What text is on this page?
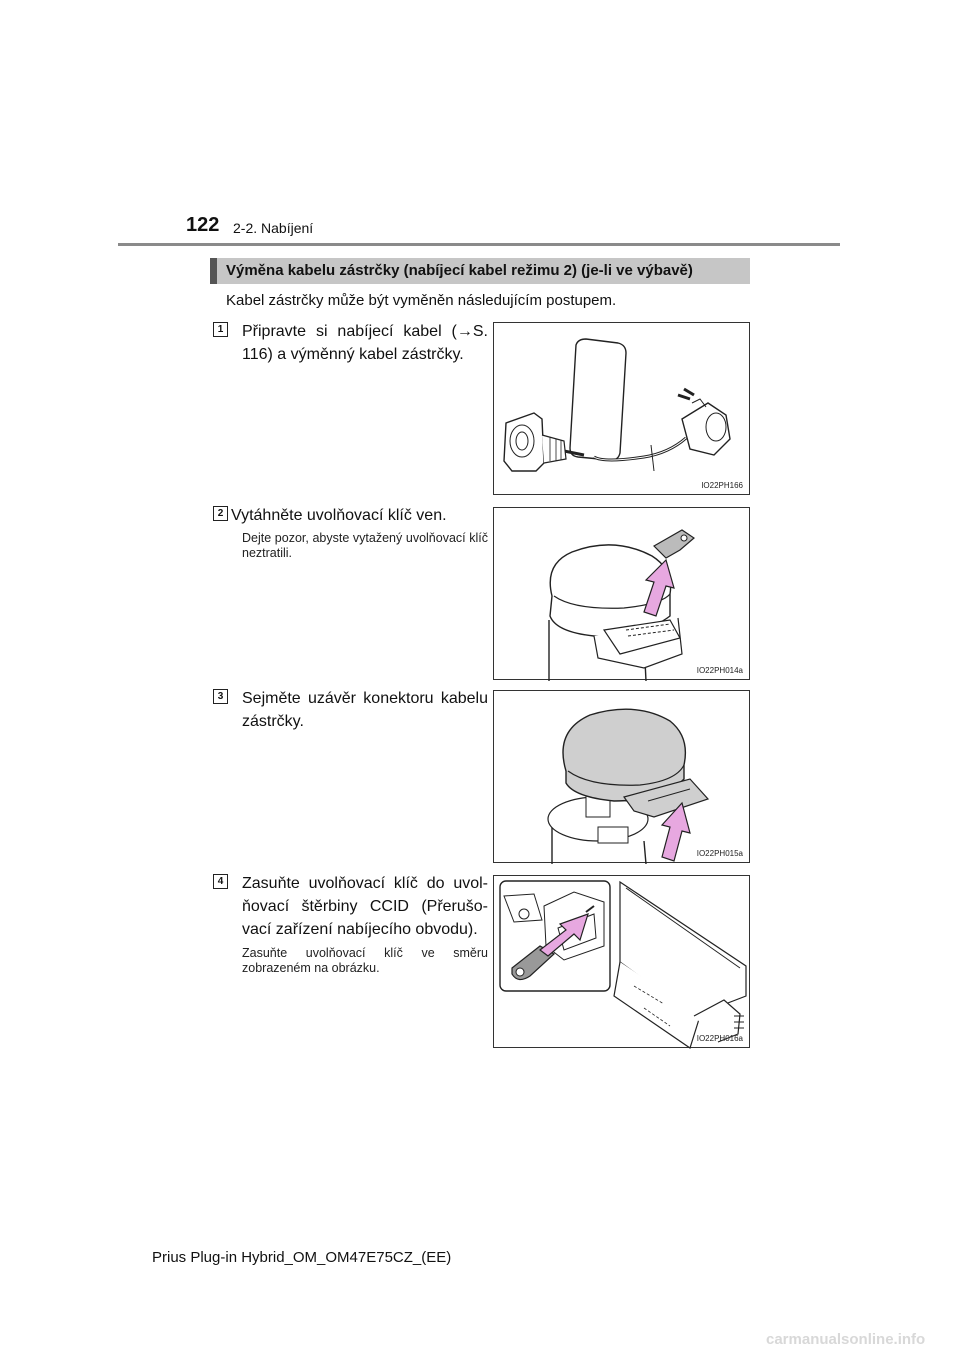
122 2-2. Nabíjení
Výměna kabelu zástrčky (nabíjecí kabel režimu 2) (je-li ve výbavě)
Kabel zástrčky může být vyměněn následujícím postupem.
1 Připravte si nabíjecí kabel (→S. 116) a výměnný kabel zástrčky.
IO22PH166
2 Vytáhněte uvolňovací klíč ven.
Dejte pozor, abyste vytažený uvolňovací klíč neztratili.
IO22PH014a
3 Sejměte uzávěr konektoru kabelu zástrčky.
IO22PH015a
4 Zasuňte uvolňovací klíč do uvolňovací štěrbiny CCID (Přerušovací zařízení nabíjecího obvodu).
Zasuňte uvolňovací klíč ve směru zobrazeném na obrázku.
IO22PH016a
Prius Plug-in Hybrid_OM_OM47E75CZ_(EE)
carmanualsonline.info
